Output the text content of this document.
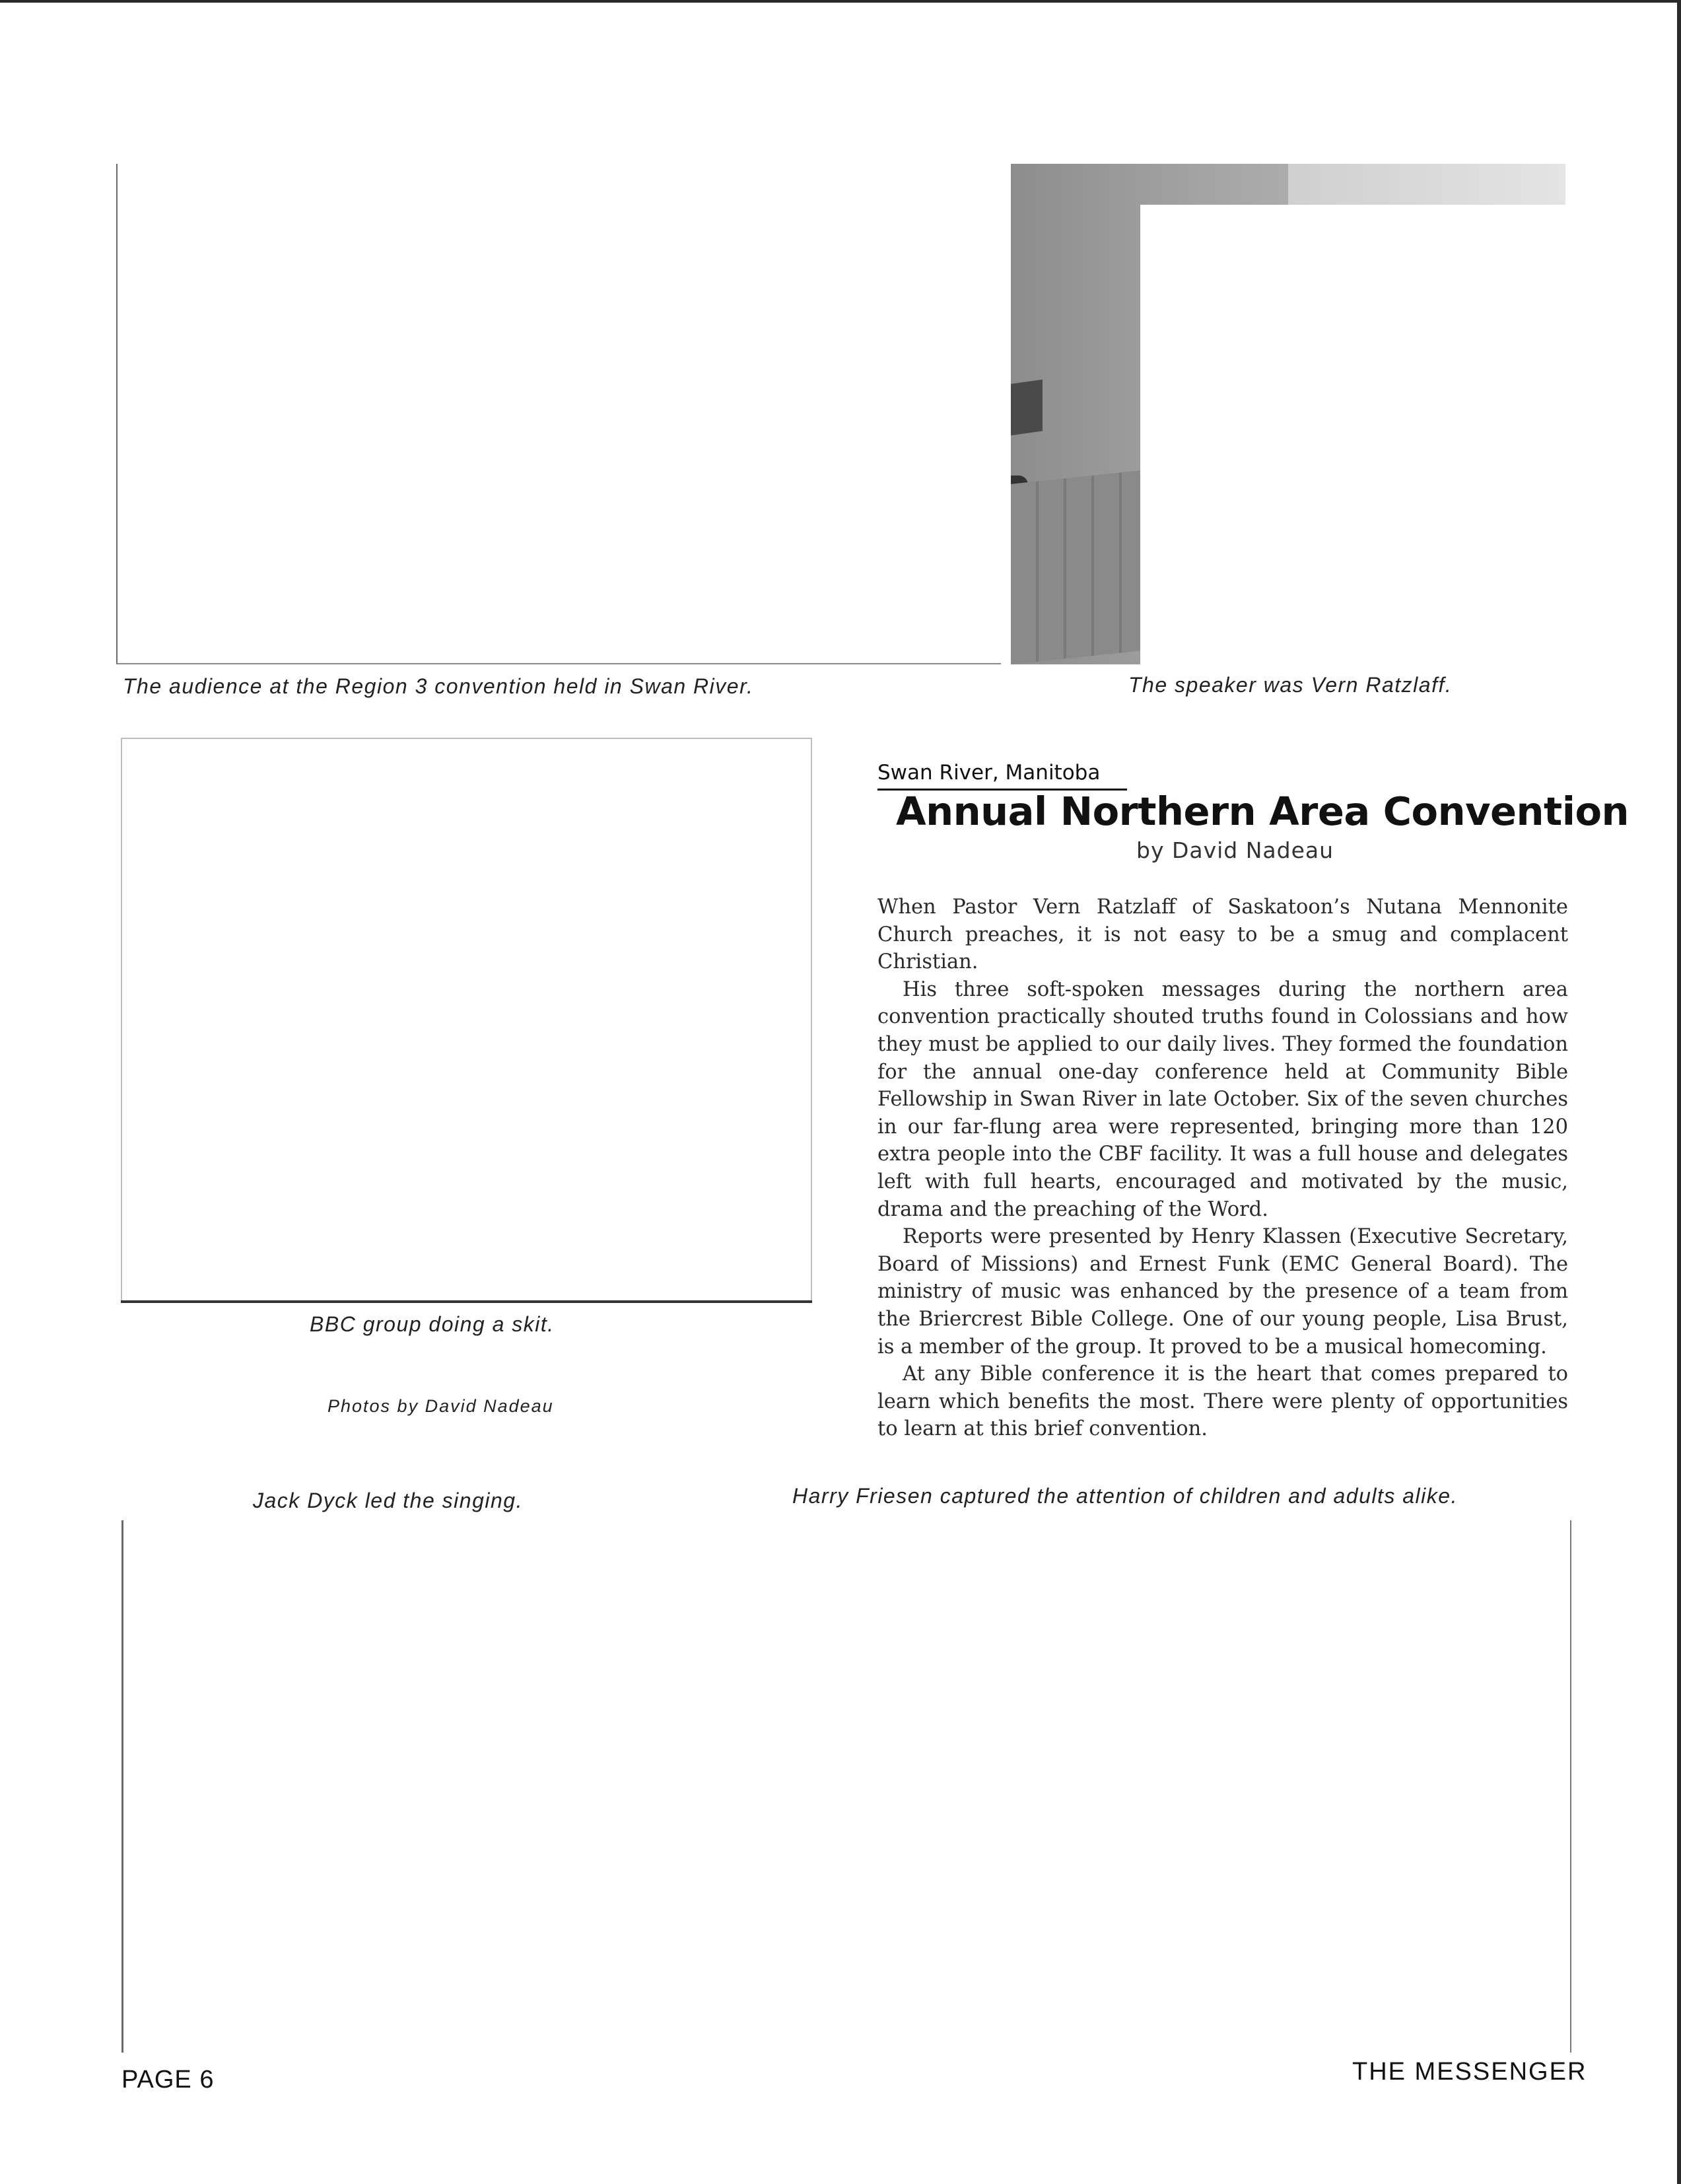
The audience at the Region 3 convention held in Swan River.	The speaker was Vern Ratzlaff.
BBC group doing a skit.
Photos by David Nadeau
Swan River, Manitoba
Annual Northern Area Convention
by David Nadeau

When Pastor Vern Ratzlaff of Saskatoon’s Nutana Mennonite Church preaches, it is not easy to be a smug and complacent Christian.

His three soft-spoken messages during the northern area convention practically shouted truths found in Colossians and how they must be applied to our daily lives. They formed the foundation for the annual one-day conference held at Community Bible Fellowship in Swan River in late October. Six of the seven churches in our far-flung area were represented, bringing more than 120 extra people into the CBF facility. It was a full house and delegates left with full hearts, encouraged and motivated by the music, drama and the preaching of the Word.

Reports were presented by Henry Klassen (Executive Secretary, Board of Missions) and Ernest Funk (EMC General Board). The ministry of music was enhanced by the presence of a team from the Briercrest Bible College. One of our young people, Lisa Brust, is a member of the group. It proved to be a musical homecoming.

At any Bible conference it is the heart that comes prepared to learn which benefits the most. There were plenty of opportunities to learn at this brief convention.

Jack Dyck led the singing.	Harry Friesen captured the attention of children and adults alike.
PAGE 6	THE MESSENGER
